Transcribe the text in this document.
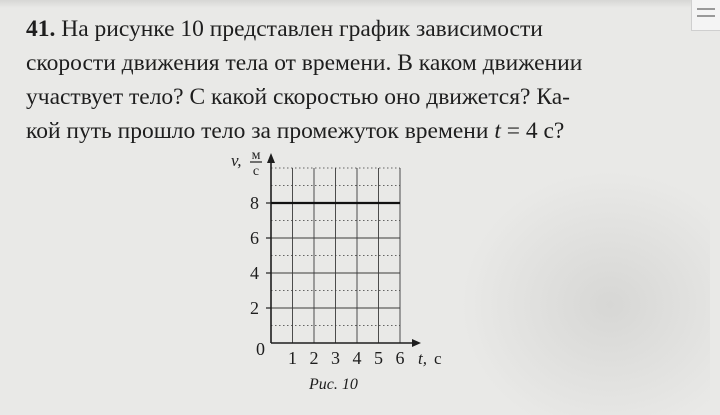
41. На рисунке 10 представлен график зависимости
скорости движения тела от времени. В каком движении
участвует тело? С какой скоростью оно движется? Ка-
кой путь прошло тело за промежуток времени t = 4 с?
2
4
6
8
1 2 3 4 5 6
v, м
с
t, с
0
Рис. 10
